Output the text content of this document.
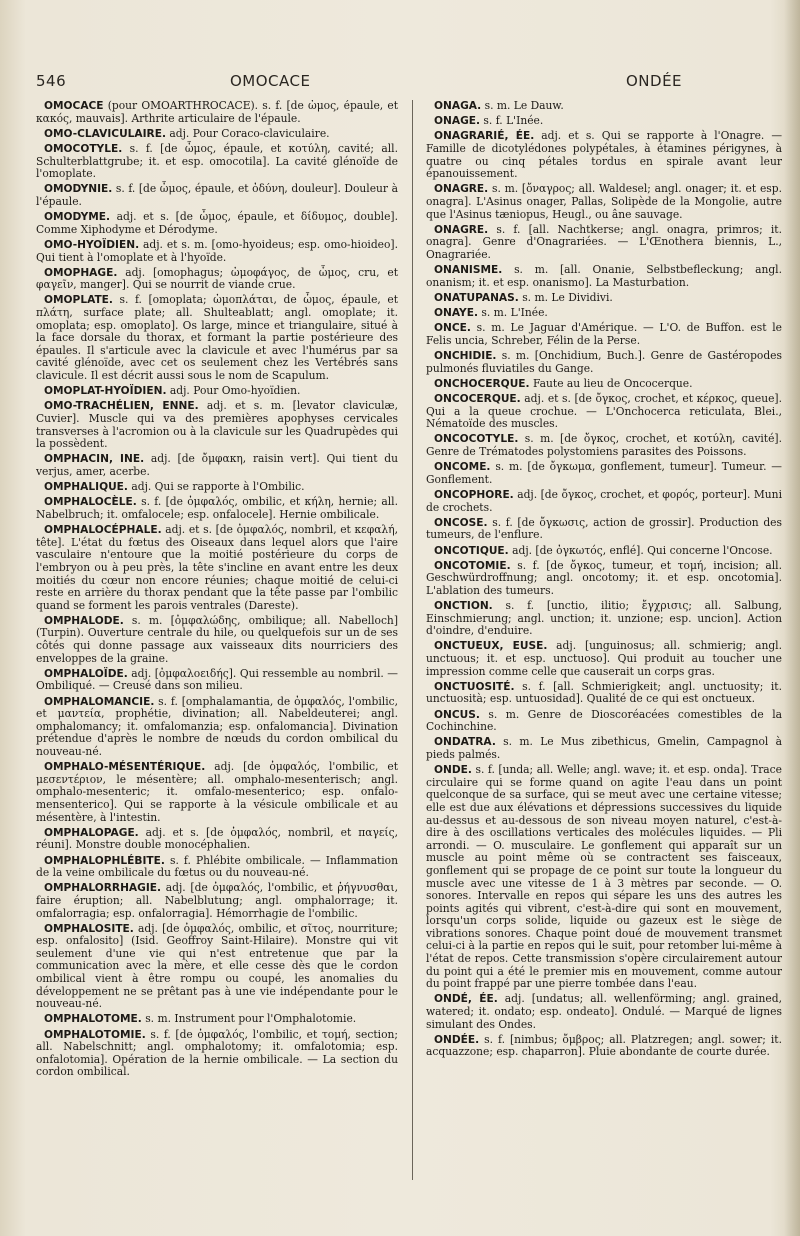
546	OMOCACE	ONDÉE

OMOCACE (pour OMOARTHROCACE). s. f. [de ὦμος, épaule, et κακός, mauvais]. Arthrite articulaire de l'épaule.

OMO-CLAVICULAIRE. adj. Pour Coraco-claviculaire.

OMOCOTYLE. s. f. [de ὦμος, épaule, et κοτύλη, cavité; all. Schulterblattgrube; it. et esp. omocotila]. La cavité glénoïde de l'omoplate.

OMODYNIE. s. f. [de ὦμος, épaule, et ὀδύνη, douleur]. Douleur à l'épaule.

OMODYME. adj. et s. [de ὦμος, épaule, et δίδυμος, double]. Comme Xiphodyme et Dérodyme.

OMO-HYOÏDIEN. adj. et s. m. [omo-hyoideus; esp. omo-hioideo]. Qui tient à l'omoplate et à l'hyoïde.

OMOPHAGE. adj. [omophagus; ὠμοφάγος, de ὦμος, cru, et φαγεῖν, manger]. Qui se nourrit de viande crue.

OMOPLATE. s. f. [omoplata; ὠμοπλάται, de ὦμος, épaule, et πλάτη, surface plate; all. Shulteablatt; angl. omoplate; it. omoplata; esp. omoplato]. Os large, mince et triangulaire, situé à la face dorsale du thorax, et formant la partie postérieure des épaules. Il s'articule avec la clavicule et avec l'humérus par sa cavité glénoïde, avec cet os seulement chez les Vertébrés sans clavicule. Il est décrit aussi sous le nom de Scapulum.

OMOPLAT-HYOÏDIEN. adj. Pour Omo-hyoïdien.

OMO-TRACHÉLIEN, ENNE. adj. et s. m. [levator claviculæ, Cuvier]. Muscle qui va des premières apophyses cervicales transverses à l'acromion ou à la clavicule sur les Quadrupèdes qui la possèdent.

OMPHACIN, INE. adj. [de ὄμφακη, raisin vert]. Qui tient du verjus, amer, acerbe.

OMPHALIQUE. adj. Qui se rapporte à l'Ombilic.

OMPHALOCÈLE. s. f. [de ὀμφαλός, ombilic, et κήλη, hernie; all. Nabelbruch; it. omfalocele; esp. onfalocele]. Hernie ombilicale.

OMPHALOCÉPHALE. adj. et s. [de ὀμφαλός, nombril, et κεφαλή, tête]. L'état du fœtus des Oiseaux dans lequel alors que l'aire vasculaire n'entoure que la moitié postérieure du corps de l'embryon ou à peu près, la tête s'incline en avant entre les deux moitiés du cœur non encore réunies; chaque moitié de celui-ci reste en arrière du thorax pendant que la tête passe par l'ombilic quand se forment les parois ventrales (Dareste).

OMPHALODE. s. m. [ὀμφαλώδης, ombilique; all. Nabelloch] (Turpin). Ouverture centrale du hile, ou quelquefois sur un de ses côtés qui donne passage aux vaisseaux dits nourriciers des enveloppes de la graine.

OMPHALOÏDE. adj. [ὀμφαλοειδής]. Qui ressemble au nombril. — Ombiliqué. — Creusé dans son milieu.

OMPHALOMANCIE. s. f. [omphalamantia, de ὀμφαλός, l'ombilic, et μαντεία, prophétie, divination; all. Nabeldeuterei; angl. omphalomancy; it. omfalomanzia; esp. onfalomancia]. Divination prétendue d'après le nombre de nœuds du cordon ombilical du nouveau-né.

OMPHALO-MÉSENTÉRIQUE. adj. [de ὀμφαλός, l'ombilic, et μεσεντέριον, le mésentère; all. omphalo-mesenterisch; angl. omphalo-mesenteric; it. omfalo-mesenterico; esp. onfalo-mensenterico]. Qui se rapporte à la vésicule ombilicale et au mésentère, à l'intestin.

OMPHALOPAGE. adj. et s. [de ὀμφαλός, nombril, et παγείς, réuni]. Monstre double monocéphalien.

OMPHALOPHLÉBITE. s. f. Phlébite ombilicale. — Inflammation de la veine ombilicale du fœtus ou du nouveau-né.

OMPHALORRHAGIE. adj. [de ὀμφαλός, l'ombilic, et ῥήγνυσθαι, faire éruption; all. Nabelblutung; angl. omphalorrage; it. omfalorragia; esp. onfalorragia]. Hémorrhagie de l'ombilic.

OMPHALOSITE. adj. [de ὀμφαλός, ombilic, et σῖτος, nourriture; esp. onfalosito] (Isid. Geoffroy Saint-Hilaire). Monstre qui vit seulement d'une vie qui n'est entretenue que par la communication avec la mère, et elle cesse dès que le cordon ombilical vient à être rompu ou coupé, les anomalies du développement ne se prêtant pas à une vie indépendante pour le nouveau-né.

OMPHALOTOME. s. m. Instrument pour l'Omphalotomie.

OMPHALOTOMIE. s. f. [de ὀμφαλός, l'ombilic, et τομή, section; all. Nabelschnitt; angl. omphalotomy; it. omfalotomia; esp. onfalotomia]. Opération de la hernie ombilicale. — La section du cordon ombilical.

ONAGA. s. m. Le Dauw.

ONAGE. s. f. L'Inée.

ONAGRARIÉ, ÉE. adj. et s. Qui se rapporte à l'Onagre. — Famille de dicotylédones polypétales, à étamines périgynes, à quatre ou cinq pétales tordus en spirale avant leur épanouissement.

ONAGRE. s. m. [ὄναγρος; all. Waldesel; angl. onager; it. et esp. onagra]. L'Asinus onager, Pallas, Solipède de la Mongolie, autre que l'Asinus tæniopus, Heugl., ou âne sauvage.

ONAGRE. s. f. [all. Nachtkerse; angl. onagra, primros; it. onagra]. Genre d'Onagrariées. — L'Œnothera biennis, L., Onagrariée.

ONANISME. s. m. [all. Onanie, Selbstbefleckung; angl. onanism; it. et esp. onanismo]. La Masturbation.

ONATUPANAS. s. m. Le Dividivi.

ONAYE. s. m. L'Inée.

ONCE. s. m. Le Jaguar d'Amérique. — L'O. de Buffon. est le Felis uncia, Schreber, Félin de la Perse.

ONCHIDIE. s. m. [Onchidium, Buch.]. Genre de Gastéropodes pulmonés fluviatiles du Gange.

ONCHOCERQUE. Faute au lieu de Oncocerque.

ONCOCERQUE. adj. et s. [de ὄγκος, crochet, et κέρκος, queue]. Qui a la queue crochue. — L'Onchocerca reticulata, Blei., Nématoïde des muscles.

ONCOCOTYLE. s. m. [de ὄγκος, crochet, et κοτύλη, cavité]. Genre de Trématodes polystomiens parasites des Poissons.

ONCOME. s. m. [de ὄγκωμα, gonflement, tumeur]. Tumeur. — Gonflement.

ONCOPHORE. adj. [de ὄγκος, crochet, et φορός, porteur]. Muni de crochets.

ONCOSE. s. f. [de ὄγκωσις, action de grossir]. Production des tumeurs, de l'enflure.

ONCOTIQUE. adj. [de ὀγκωτός, enflé]. Qui concerne l'Oncose.

ONCOTOMIE. s. f. [de ὄγκος, tumeur, et τομή, incision; all. Geschwürdroffnung; angl. oncotomy; it. et esp. oncotomia]. L'ablation des tumeurs.

ONCTION. s. f. [unctio, ilitio; ἔγχρισις; all. Salbung, Einschmierung; angl. unction; it. unzione; esp. uncion]. Action d'oindre, d'enduire.

ONCTUEUX, EUSE. adj. [unguinosus; all. schmierig; angl. unctuous; it. et esp. unctuoso]. Qui produit au toucher une impression comme celle que causerait un corps gras.

ONCTUOSITÉ. s. f. [all. Schmierigkeit; angl. unctuosity; it. unctuosità; esp. untuosidad]. Qualité de ce qui est onctueux.

ONCUS. s. m. Genre de Dioscoréacées comestibles de la Cochinchine.

ONDATRA. s. m. Le Mus zibethicus, Gmelin, Campagnol à pieds palmés.

ONDE. s. f. [unda; all. Welle; angl. wave; it. et esp. onda]. Trace circulaire qui se forme quand on agite l'eau dans un point quelconque de sa surface, qui se meut avec une certaine vitesse; elle est due aux élévations et dépressions successives du liquide au-dessus et au-dessous de son niveau moyen naturel, c'est-à-dire à des oscillations verticales des molécules liquides. — Pli arrondi. — O. musculaire. Le gonflement qui apparaît sur un muscle au point même où se contractent ses faisceaux, gonflement qui se propage de ce point sur toute la longueur du muscle avec une vitesse de 1 à 3 mètres par seconde. — O. sonores. Intervalle en repos qui sépare les uns des autres les points agités qui vibrent, c'est-à-dire qui sont en mouvement, lorsqu'un corps solide, liquide ou gazeux est le siège de vibrations sonores. Chaque point doué de mouvement transmet celui-ci à la partie en repos qui le suit, pour retomber lui-même à l'état de repos. Cette transmission s'opère circulairement autour du point qui a été le premier mis en mouvement, comme autour du point frappé par une pierre tombée dans l'eau.

ONDÉ, ÉE. adj. [undatus; all. wellenförming; angl. grained, watered; it. ondato; esp. ondeato]. Ondulé. — Marqué de lignes simulant des Ondes.

ONDÉE. s. f. [nimbus; ὄμβρος; all. Platzregen; angl. sower; it. acquazzone; esp. chaparron]. Pluie abondante de courte durée.
